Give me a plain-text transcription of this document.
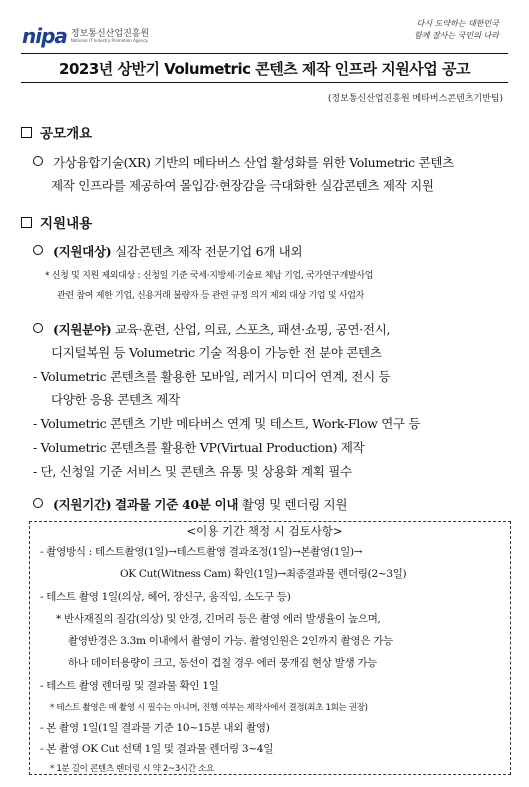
nipa 정보통신산업진흥원
National IT Industry Promotion Agency
다시 도약하는 대한민국
함께 잘사는 국민의 나라
2023년 상반기 Volumetric 콘텐츠 제작 인프라 지원사업 공고
(정보통신산업진흥원 메타버스콘텐츠기반팀)
공모개요
가상융합기술(XR) 기반의 메타버스 산업 활성화를 위한 Volumetric 콘텐츠
제작 인프라를 제공하여 몰입감·현장감을 극대화한 실감콘텐츠 제작 지원
지원내용
(지원대상) 실감콘텐츠 제작 전문기업 6개 내외
* 신청 및 지원 제외대상 : 신청일 기준 국세·지방세·기술료 체납 기업, 국가연구개발사업
관련 참여 제한 기업, 신용거래 불량자 등 관련 규정 의거 제외 대상 기업 및 사업자
(지원분야) 교육·훈련, 산업, 의료, 스포츠, 패션·쇼핑, 공연·전시,
디지털복원 등 Volumetric 기술 적용이 가능한 전 분야 콘텐츠
- Volumetric 콘텐츠를 활용한 모바일, 레거시 미디어 연계, 전시 등
다양한 응용 콘텐츠 제작
- Volumetric 콘텐츠 기반 메타버스 연계 및 테스트, Work-Flow 연구 등
- Volumetric 콘텐츠를 활용한 VP(Virtual Production) 제작
- 단, 신청일 기준 서비스 및 콘텐츠 유통 및 상용화 계획 필수
(지원기간) 결과물 기준 40분 이내 촬영 및 렌더링 지원
<이용 기간 책정 시 검토사항>
- 촬영방식 : 테스트촬영(1일)→테스트촬영 결과조정(1일)→본촬영(1일)→
OK Cut(Witness Cam) 확인(1일)→최종결과물 렌더링(2~3일)
- 테스트 촬영 1일(의상, 헤어, 장신구, 움직임, 소도구 등)
* 반사재질의 질감(의상) 및 안경, 긴머리 등은 촬영 에러 발생율이 높으며,
촬영반경은 3.3m 이내에서 촬영이 가능. 촬영인원은 2인까지 촬영은 가능
하나 데이터용량이 크고, 동선이 겹칠 경우 에러 뭉개짐 현상 발생 가능
- 테스트 촬영 렌더링 및 결과물 확인 1일
* 테스트 촬영은 매 촬영 시 필수는 아니며, 진행 여부는 제작사에서 결정(최초 1회는 권장)
- 본 촬영 1일(1일 결과물 기준 10~15분 내외 촬영)
- 본 촬영 OK Cut 선택 1일 및 결과물 렌더링 3~4일
* 1분 길이 콘텐츠 렌더링 시 약 2~3시간 소요
